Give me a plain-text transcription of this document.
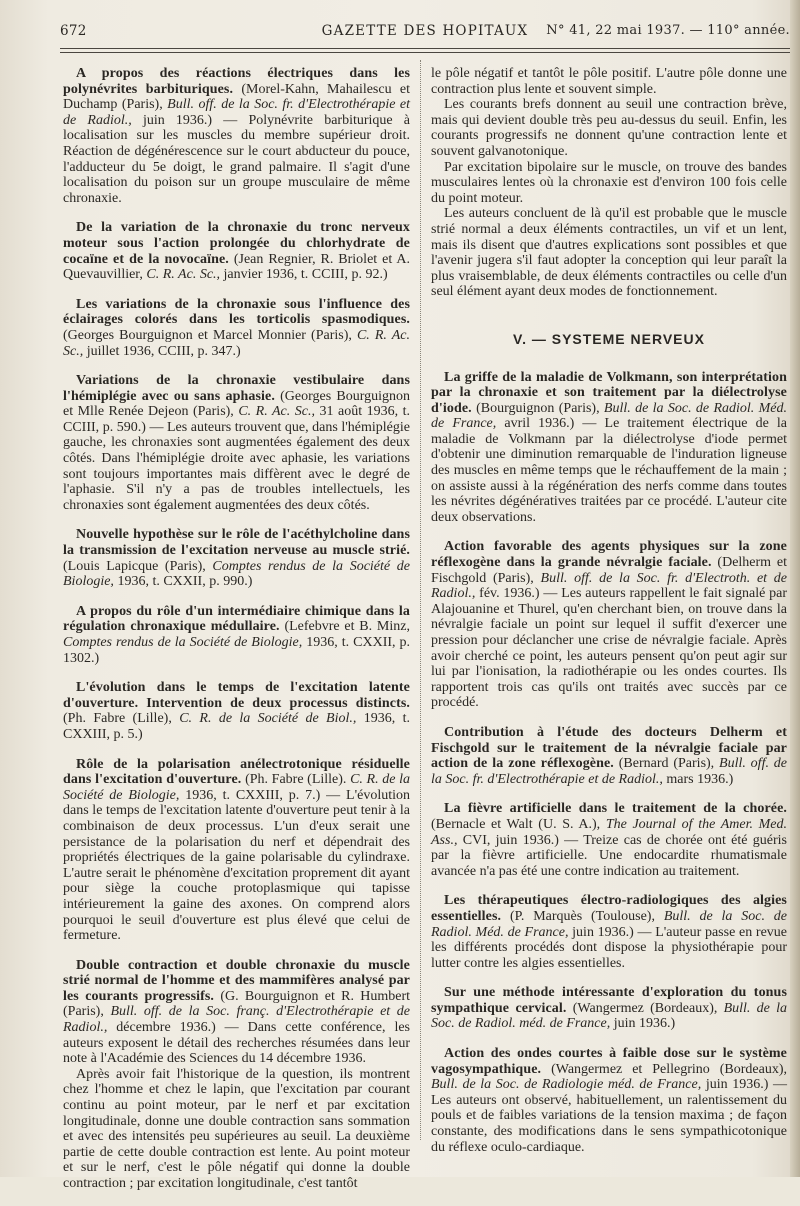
672	GAZETTE DES HOPITAUX	N° 41, 22 mai 1937. — 110° année.
A propos des réactions électriques dans les polynévrites barbituriques. (Morel-Kahn, Mahailescu et Duchamp (Paris), Bull. off. de la Soc. fr. d'Electrothérapie et de Radiol., juin 1936.) — Polynévrite barbiturique à localisation sur les muscles du membre supérieur droit. Réaction de dégénérescence sur le court abducteur du pouce, l'adducteur du 5e doigt, le grand palmaire. Il s'agit d'une localisation du poison sur un groupe musculaire de même chronaxie.
De la variation de la chronaxie du tronc nerveux moteur sous l'action prolongée du chlorhydrate de cocaïne et de la novocaïne. (Jean Regnier, R. Briolet et A. Quevauvillier, C. R. Ac. Sc., janvier 1936, t. CCIII, p. 92.)
Les variations de la chronaxie sous l'influence des éclairages colorés dans les torticolis spasmodiques. (Georges Bourguignon et Marcel Monnier (Paris), C. R. Ac. Sc., juillet 1936, CCIII, p. 347.)
Variations de la chronaxie vestibulaire dans l'hémiplégie avec ou sans aphasie. (Georges Bourguignon et Mlle Renée Dejeon (Paris), C. R. Ac. Sc., 31 août 1936, t. CCIII, p. 590.) — Les auteurs trouvent que, dans l'hémiplégie gauche, les chronaxies sont augmentées également des deux côtés. Dans l'hémiplégie droite avec aphasie, les variations sont toujours importantes mais diffèrent avec le degré de l'aphasie. S'il n'y a pas de troubles intellectuels, les chronaxies sont également augmentées des deux côtés.
Nouvelle hypothèse sur le rôle de l'acéthylcholine dans la transmission de l'excitation nerveuse au muscle strié. (Louis Lapicque (Paris), Comptes rendus de la Société de Biologie, 1936, t. CXXII, p. 990.)
A propos du rôle d'un intermédiaire chimique dans la régulation chronaxique médullaire. (Lefebvre et B. Minz, Comptes rendus de la Société de Biologie, 1936, t. CXXII, p. 1302.)
L'évolution dans le temps de l'excitation latente d'ouverture. Intervention de deux processus distincts. (Ph. Fabre (Lille), C. R. de la Société de Biol., 1936, t. CXXIII, p. 5.)
Rôle de la polarisation anélectrotonique résiduelle dans l'excitation d'ouverture. (Ph. Fabre (Lille). C. R. de la Société de Biologie, 1936, t. CXXIII, p. 7.) — L'évolution dans le temps de l'excitation latente d'ouverture peut tenir à la combinaison de deux processus. L'un d'eux serait une persistance de la polarisation du nerf et dépendrait des propriétés électriques de la gaine polarisable du cylindraxe. L'autre serait le phénomène d'excitation proprement dit ayant pour siège la couche protoplasmique qui tapisse intérieurement la gaine des axones. On comprend alors pourquoi le seuil d'ouverture est plus élevé que celui de fermeture.
Double contraction et double chronaxie du muscle strié normal de l'homme et des mammifères analysé par les courants progressifs. (G. Bourguignon et R. Humbert (Paris), Bull. off. de la Soc. franç. d'Electrothérapie et de Radiol., décembre 1936.) — Dans cette conférence, les auteurs exposent le détail des recherches résumées dans leur note à l'Académie des Sciences du 14 décembre 1936.

Après avoir fait l'historique de la question, ils montrent chez l'homme et chez le lapin, que l'excitation par courant continu au point moteur, par le nerf et par excitation longitudinale, donne une double contraction sans sommation et avec des intensités peu supérieures au seuil. La deuxième partie de cette double contraction est lente. Au point moteur et sur le nerf, c'est le pôle négatif qui donne la double contraction ; par excitation longitudinale, c'est tantôt

le pôle négatif et tantôt le pôle positif. L'autre pôle donne une contraction plus lente et souvent simple.

Les courants brefs donnent au seuil une contraction brève, mais qui devient double très peu au-dessus du seuil. Enfin, les courants progressifs ne donnent qu'une contraction lente et souvent galvanotonique.

Par excitation bipolaire sur le muscle, on trouve des bandes musculaires lentes où la chronaxie est d'environ 100 fois celle du point moteur.

Les auteurs concluent de là qu'il est probable que le muscle strié normal a deux éléments contractiles, un vif et un lent, mais ils disent que d'autres explications sont possibles et que l'avenir jugera s'il faut adopter la conception qui leur paraît la plus vraisemblable, de deux éléments contractiles ou celle d'un seul élément ayant deux modes de fonctionnement.

V. — SYSTEME NERVEUX
La griffe de la maladie de Volkmann, son interprétation par la chronaxie et son traitement par la diélectrolyse d'iode. (Bourguignon (Paris), Bull. de la Soc. de Radiol. Méd. de France, avril 1936.) — Le traitement électrique de la maladie de Volkmann par la diélectrolyse d'iode permet d'obtenir une diminution remarquable de l'induration ligneuse des muscles en même temps que le réchauffement de la main ; on assiste aussi à la régénération des nerfs comme dans toutes les névrites dégénératives traitées par ce procédé. L'auteur cite deux observations.
Action favorable des agents physiques sur la zone réflexogène dans la grande névralgie faciale. (Delherm et Fischgold (Paris), Bull. off. de la Soc. fr. d'Electroth. et de Radiol., fév. 1936.) — Les auteurs rappellent le fait signalé par Alajouanine et Thurel, qu'en cherchant bien, on trouve dans la névralgie faciale un point sur lequel il suffit d'exercer une pression pour déclancher une crise de névralgie faciale. Après avoir cherché ce point, les auteurs pensent qu'on peut agir sur lui par l'ionisation, la radiothérapie ou les ondes courtes. Ils rapportent trois cas qu'ils ont traités avec succès par ce procédé.
Contribution à l'étude des docteurs Delherm et Fischgold sur le traitement de la névralgie faciale par action de la zone réflexogène. (Bernard (Paris), Bull. off. de la Soc. fr. d'Electrothérapie et de Radiol., mars 1936.)
La fièvre artificielle dans le traitement de la chorée. (Bernacle et Walt (U. S. A.), The Journal of the Amer. Med. Ass., CVI, juin 1936.) — Treize cas de chorée ont été guéris par la fièvre artificielle. Une endocardite rhumatismale avancée n'a pas été une contre indication au traitement.
Les thérapeutiques électro-radiologiques des algies essentielles. (P. Marquès (Toulouse), Bull. de la Soc. de Radiol. Méd. de France, juin 1936.) — L'auteur passe en revue les différents procédés dont dispose la physiothérapie pour lutter contre les algies essentielles.
Sur une méthode intéressante d'exploration du tonus sympathique cervical. (Wangermez (Bordeaux), Bull. de la Soc. de Radiol. méd. de France, juin 1936.)
Action des ondes courtes à faible dose sur le système vagosympathique. (Wangermez et Pellegrino (Bordeaux), Bull. de la Soc. de Radiologie méd. de France, juin 1936.) — Les auteurs ont observé, habituellement, un ralentissement du pouls et de faibles variations de la tension maxima ; de façon constante, des modifications dans le sens sympathicotonique du réflexe oculo-cardiaque.
